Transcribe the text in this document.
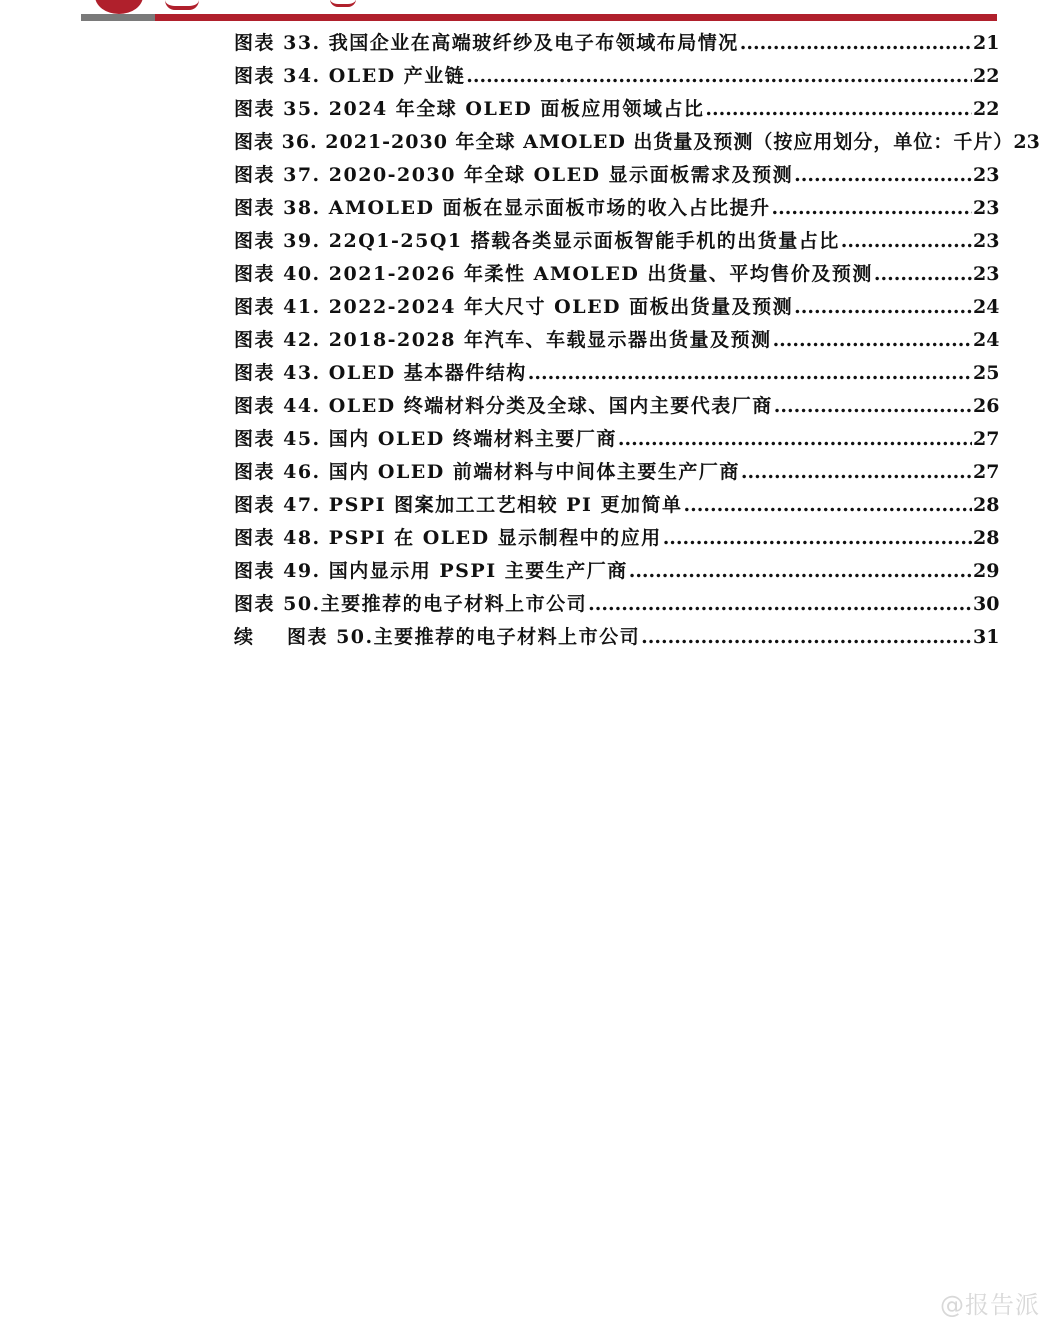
图表 33. 我国企业在高端玻纤纱及电子布领域布局情况 .....	21
图表 34. OLED 产业链 .....	22
图表 35. 2024 年全球 OLED 面板应用领域占比 .....	22
图表 36. 2021-2030 年全球 AMOLED 出货量及预测（按应用划分，单位：千片） 23
图表 37. 2020-2030 年全球 OLED 显示面板需求及预测 .....	23
图表 38. AMOLED 面板在显示面板市场的收入占比提升 .....	23
图表 39. 22Q1-25Q1 搭载各类显示面板智能手机的出货量占比 .....	23
图表 40. 2021-2026 年柔性 AMOLED 出货量、平均售价及预测 .....	23
图表 41. 2022-2024 年大尺寸 OLED 面板出货量及预测 .....	24
图表 42. 2018-2028 年汽车、车载显示器出货量及预测 .....	24
图表 43. OLED 基本器件结构 .....	25
图表 44. OLED 终端材料分类及全球、国内主要代表厂商 .....	26
图表 45. 国内 OLED 终端材料主要厂商 .....	27
图表 46. 国内 OLED 前端材料与中间体主要生产厂商 .....	27
图表 47. PSPI 图案加工工艺相较 PI 更加简单 .....	28
图表 48. PSPI 在 OLED 显示制程中的应用 .....	28
图表 49. 国内显示用 PSPI 主要生产厂商 .....	29
图表 50.主要推荐的电子材料上市公司 .....	30
续    图表 50.主要推荐的电子材料上市公司 .....	31
@报告派
